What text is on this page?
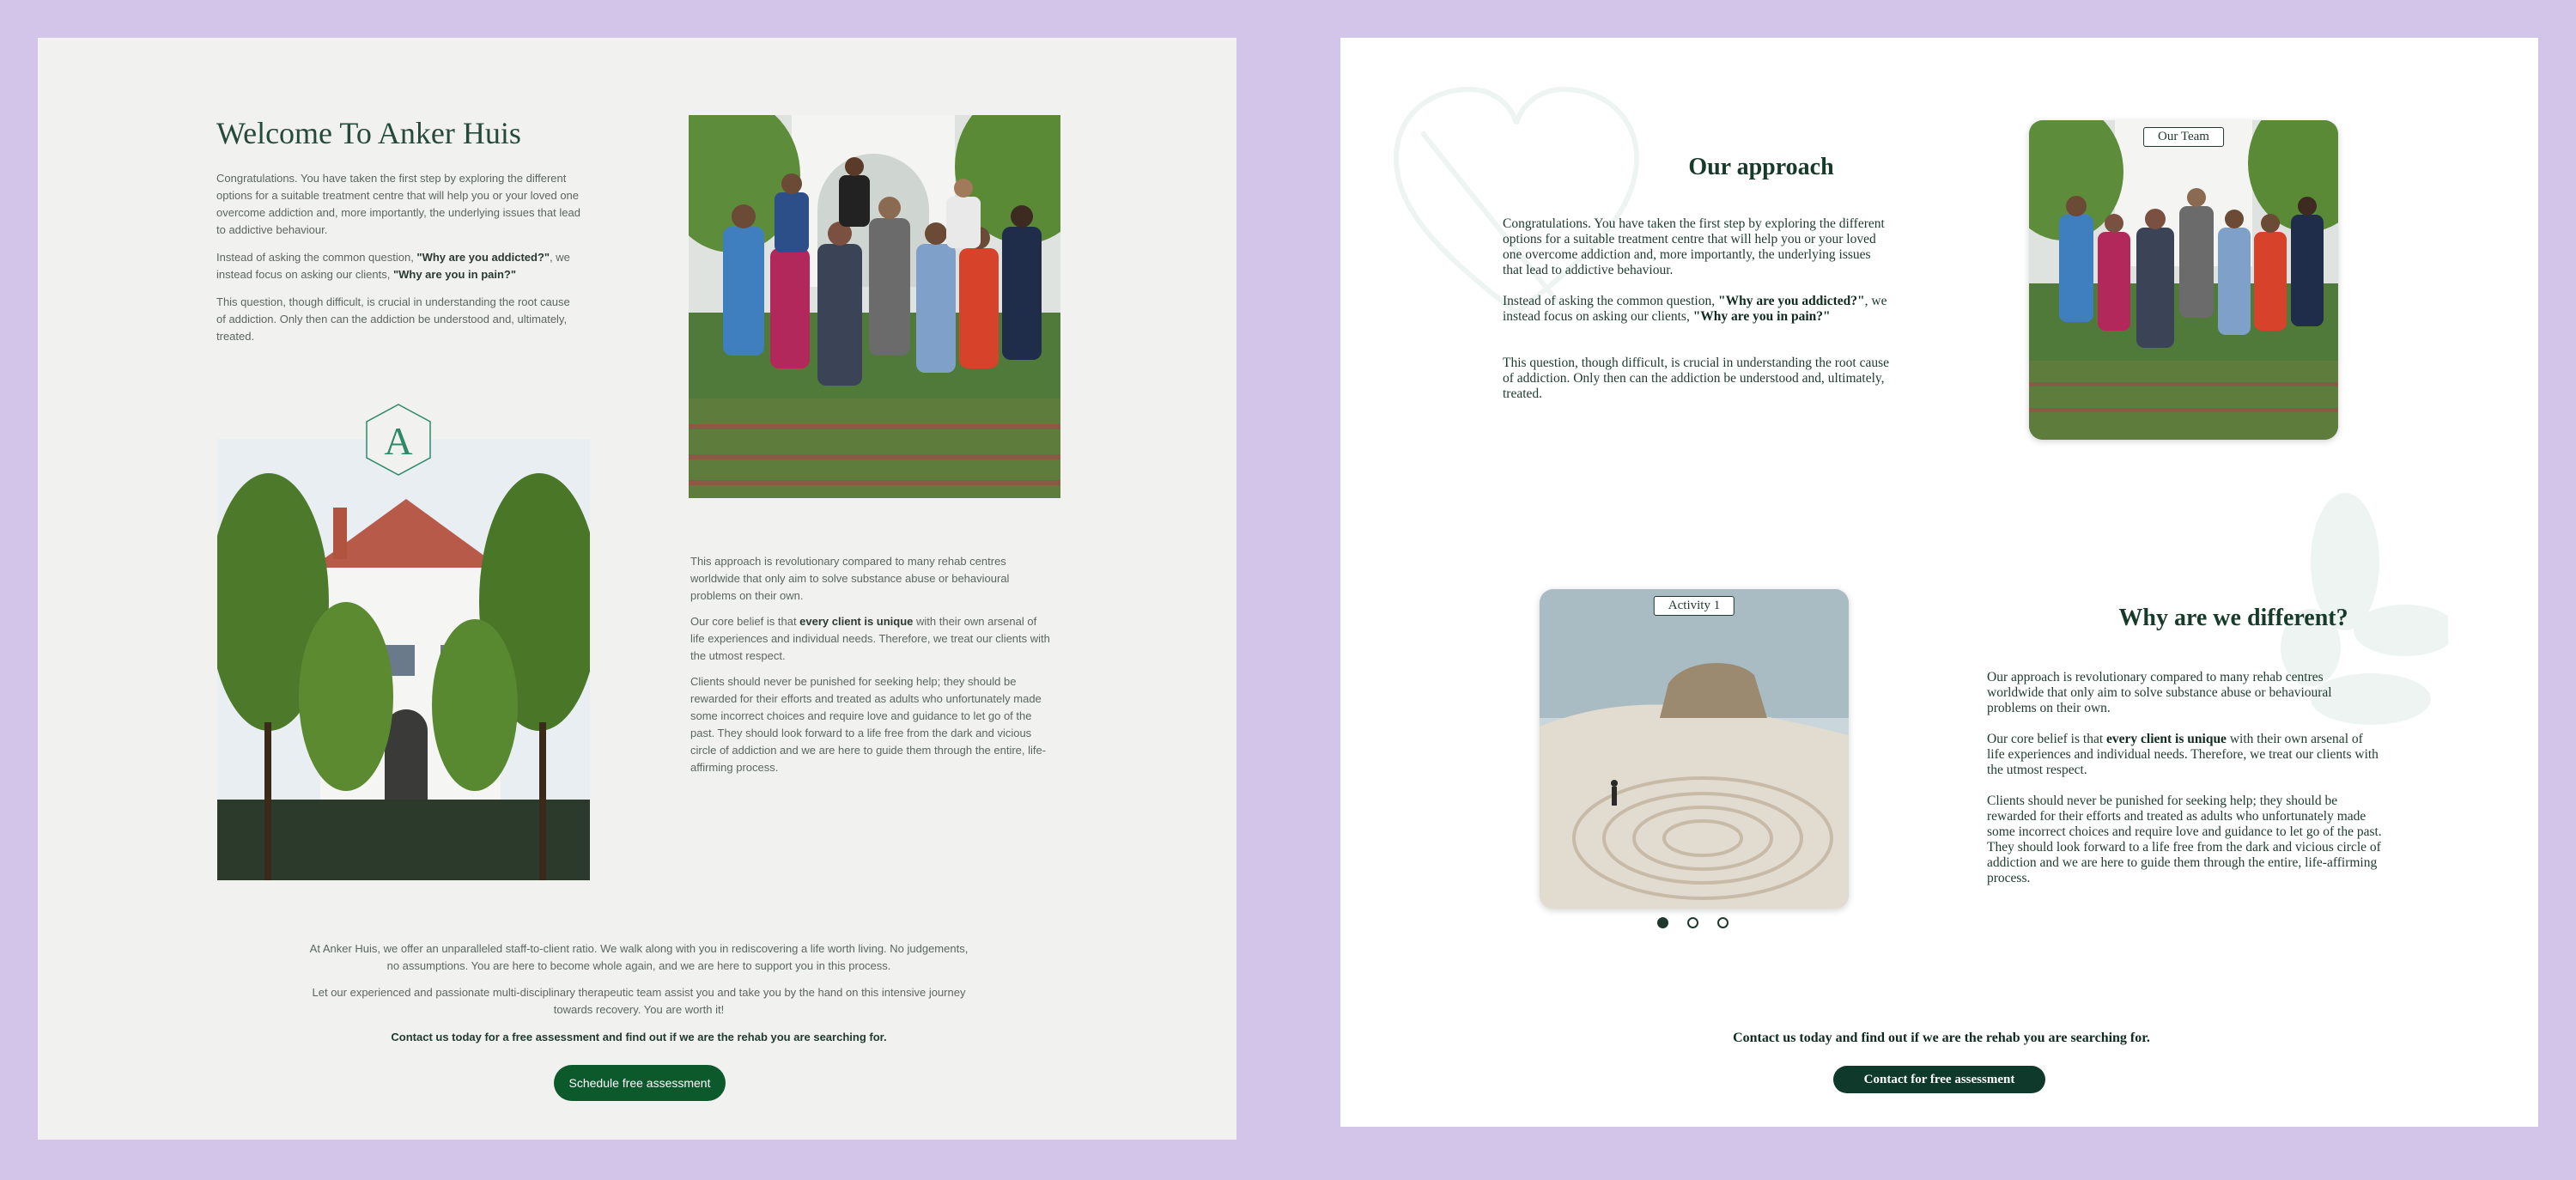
Welcome To Anker Huis

Congratulations. You have taken the first step by exploring the different options for a suitable treatment centre that will help you or your loved one overcome addiction and, more importantly, the underlying issues that lead to addictive behaviour.

Instead of asking the common question, "Why are you addicted?", we instead focus on asking our clients, "Why are you in pain?"

This question, though difficult, is crucial in understanding the root cause of addiction. Only then can the addiction be understood and, ultimately, treated.

A

This approach is revolutionary compared to many rehab centres worldwide that only aim to solve substance abuse or behavioural problems on their own.

Our core belief is that every client is unique with their own arsenal of life experiences and individual needs. Therefore, we treat our clients with the utmost respect.

Clients should never be punished for seeking help; they should be rewarded for their efforts and treated as adults who unfortunately made some incorrect choices and require love and guidance to let go of the past. They should look forward to a life free from the dark and vicious circle of addiction and we are here to guide them through the entire, life-affirming process.

At Anker Huis, we offer an unparalleled staff-to-client ratio. We walk along with you in rediscovering a life worth living. No judgements, no assumptions. You are here to become whole again, and we are here to support you in this process.

Let our experienced and passionate multi-disciplinary therapeutic team assist you and take you by the hand on this intensive journey towards recovery. You are worth it!

Contact us today for a free assessment and find out if we are the rehab you are searching for.

Schedule free assessment
Our approach

Congratulations. You have taken the first step by exploring the different options for a suitable treatment centre that will help you or your loved one overcome addiction and, more importantly, the underlying issues that lead to addictive behaviour.

Instead of asking the common question, "Why are you addicted?", we instead focus on asking our clients, "Why are you in pain?"

This question, though difficult, is crucial in understanding the root cause of addiction. Only then can the addiction be understood and, ultimately, treated.

Our Team
Activity 1	Why are we different?

Our approach is revolutionary compared to many rehab centres worldwide that only aim to solve substance abuse or behavioural problems on their own.

Our core belief is that every client is unique with their own arsenal of life experiences and individual needs. Therefore, we treat our clients with the utmost respect.

Clients should never be punished for seeking help; they should be rewarded for their efforts and treated as adults who unfortunately made some incorrect choices and require love and guidance to let go of the past. They should look forward to a life free from the dark and vicious circle of addiction and we are here to guide them through the entire, life-affirming process.

Contact us today and find out if we are the rehab you are searching for.

Contact for free assessment
